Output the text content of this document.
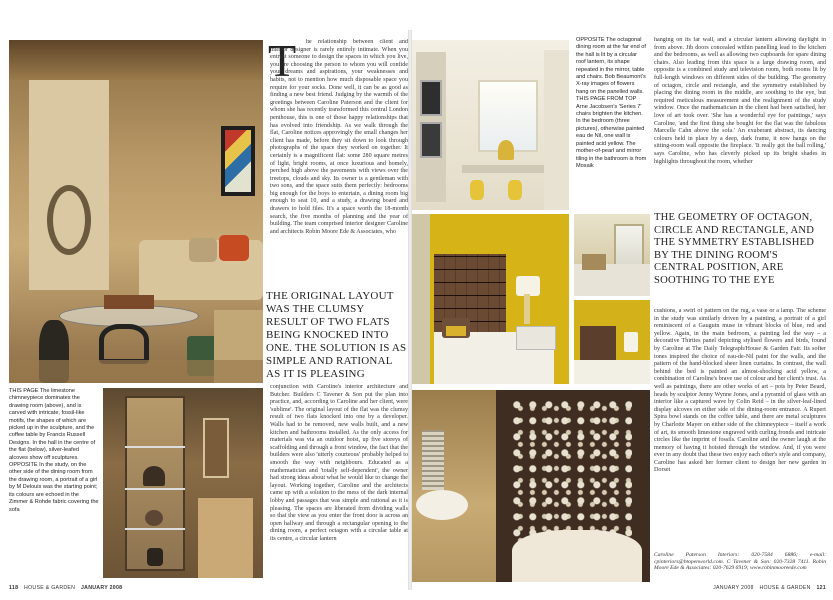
THIS PAGE The limestone chimneypiece dominates the drawing room (above), and is carved with intricate, fossil-like motifs, the shapes of which are picked up in the sculpture, and the coffee table by Francis Russell Designs. In the hall in the centre of the flat (below), silver-leafed alcoves show off sculptures. OPPOSITE In the study, on the other side of the dining room from the drawing room, a portrait of a girl by M Delouis was the starting point; its colours are echoed in the Zimmer & Rohde fabric covering the sofa
T	he relationship between client and interior designer is rarely entirely intimate. When you entrust someone to design the spaces in which you live, you are choosing the person to whom you will confide your dreams and aspirations, your weaknesses and habits, not to mention how much disposable space you require for your socks. Done well, it can be as good as finding a new best friend. Judging by the warmth of the greetings between Caroline Paterson and the client for whom she has recently transformed this central London penthouse, this is one of those happy relationships that has evolved into friendship. As we walk through the flat, Caroline notices approvingly the small changes her client has made, before they sit down to look through photographs of the space they worked on together. It certainly is a magnificent flat: some 280 square metres of light, bright rooms, at once luxurious and homely, perched high above the pavements with views over the treetops, clouds and sky. Its owner is a gentleman with two sons, and the space suits them perfectly: bedrooms big enough for the boys to entertain, a dining room big enough to seat 10, and a study, a drawing board and drawers to hold files. It's a space worth the 18-month search, the five months of planning and the year of building. The team comprised interior designer Caroline and architects Robin Moore Ede & Associates, who
THE ORIGINAL LAYOUT WAS THE CLUMSY RESULT OF TWO FLATS BEING KNOCKED INTO ONE. THE SOLUTION IS AS SIMPLE AND RATIONAL AS IT IS PLEASING
conjunction with Caroline's interior architecture and Butcher. Builders C Tavener & Son put the plan into practice, and, according to Caroline and her client, were 'sublime'. The original layout of the flat was the clumsy result of two flats knocked into one by a developer. Walls had to be removed, new walls built, and a new kitchen and bathrooms installed. As the only access for materials was via an outdoor hoist, up five storeys of scaffolding and through a front window, the fact that the builders were also 'utterly courteous' probably helped to smooth the way with neighbours. Educated as a mathematician and 'totally self-dependent', the owner had strong ideas about what he would like to change the layout. Working together, Caroline and the architects came up with a solution to the mess of the dark internal lobby and passages that was simple and rational as it is pleasing. The spaces are liberated from dividing walls so that the view as you enter the front door is across an open hallway and through a rectangular opening to the dining room, a perfect octagon with a circular table at its centre, a circular lantern
118 HOUSE & GARDEN JANUARY 2008
OPPOSITE The octagonal dining room at the far end of the hall is lit by a circular roof lantern, its shape repeated in the mirror, table and chairs. Bob Beaumont's X-ray images of flowers hang on the panelled walls. THIS PAGE FROM TOP Arne Jacobsen's 'Series 7' chairs brighten the kitchen. In the bedroom (three pictures), otherwise painted eau de Nil, one wall is painted acid yellow. The mother-of-pearl and mirror tiling in the bathroom is from Mosaik
hanging on its far wall, and a circular lantern allowing daylight in from above. Jib doors concealed within panelling lead to the kitchen and the bedrooms, as well as allowing two cupboards for spare dining chairs. Also leading from this space is a large drawing room, and opposite is a combined study and television room, both rooms lit by full-length windows on different sides of the building. The geometry of octagon, circle and rectangle, and the symmetry established by placing the dining room in the middle, are soothing to the eye, but required meticulous measurement and the realignment of the study window. Once the mathematician in the client had been satisfied, her love of art took over. 'She has a wonderful eye for paintings,' says Caroline, 'and the first thing she bought for the flat was the fabulous Marcelle Cahn above the sofa.' An exuberant abstract, its dancing colours held in place by a deep, dark frame, it now hangs on the sitting-room wall opposite the fireplace. 'It really got the ball rolling,' says Caroline, who has cleverly picked up its bright shades in highlights throughout the room, whether
THE GEOMETRY OF OCTAGON, CIRCLE AND RECTANGLE, AND THE SYMMETRY ESTABLISHED BY THE DINING ROOM'S CENTRAL POSITION, ARE SOOTHING TO THE EYE
cushions, a swirl of pattern on the rug, a vase or a lamp. The scheme in the study was similarly driven by a painting, a portrait of a girl reminiscent of a Gauguin muse in vibrant blocks of blue, red and yellow. Again, in the main bedroom, a painting led the way – a decorative Thirties panel depicting stylised flowers and birds, found by Caroline at The Daily Telegraph/House & Garden Fair. Its softer tones inspired the choice of eau-de-Nil paint for the walls, and the pattern of the hand-blocked sheer linen curtains. In contrast, the wall behind the bed is painted an almost-shocking acid yellow, a combination of Caroline's brave use of colour and her client's trust. As well as paintings, there are other works of art – pots by Peter Beard, heads by sculptor Jenny Wynne Jones, and a pyramid of glass with an interior like a captured wave by Colin Reid – in the silver-leaf-lined display alcoves on either side of the dining-room entrance. A Rupert Spira bowl stands on the coffee table, and there are metal sculptures by Charlotte Mayer on either side of the chimneypiece – itself a work of art, its smooth limestone engraved with curling fronds and intricate circles like the imprint of fossils. Caroline and the owner laugh at the memory of having it hoisted through the window. And, if you were ever in any doubt that these two enjoy each other's style and company, Caroline has asked her former client to design her new garden in Dorset
Caroline Paterson Interiors: 020-7584 6886; e-mail: cpinteriors@btopenworld.com. C Tavener & Son: 020-7328 7411. Robin Moore Ede & Associates: 020-7629 6919; www.robinmooreede.com
JANUARY 2008 HOUSE & GARDEN 121
